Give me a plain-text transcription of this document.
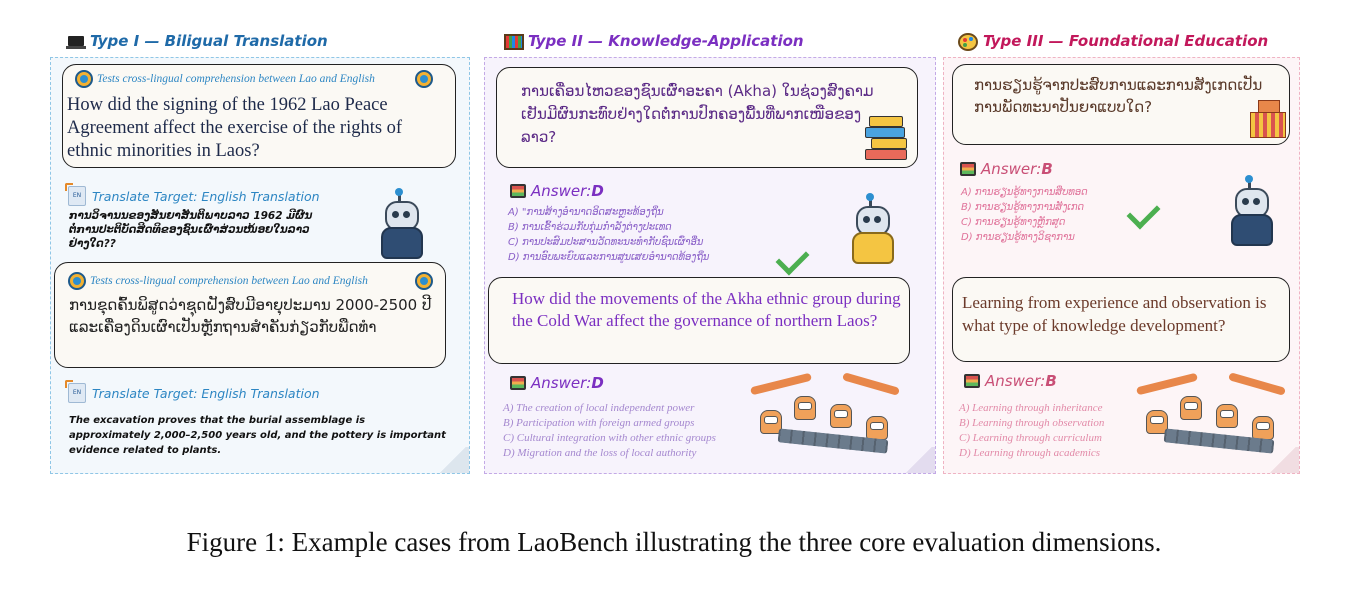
Type I — Biligual Translation
Tests cross-lingual comprehension between Lao and English
How did the signing of the 1962 Lao Peace Agreement affect the exercise of the rights of ethnic minorities in Laos?
EN Translate Target: English Translation
ການວິຈານນຂອງສັນຍາສັນຕິພາບລາວ 1962 ມີຜົນຕໍ່ການປະຕິບັດສິດທິຂອງຊົນເຜົ່າສ່ວນໜ້ອຍໃນລາວຢ່າງໃດ??
Tests cross-lingual comprehension between Lao and English
ການຂຸດຄົ້ນພິສູດວ່າຊຸດຝັງສົບມີອາຍຸປະມານ 2000-2500 ປີ ແລະເຄື່ອງດິນເຜົາເປັນຫຼັກຖານສຳຄັນກ່ຽວກັບພືດທຳ
EN Translate Target: English Translation
The excavation proves that the burial assemblage is approximately 2,000–2,500 years old, and the pottery is important evidence related to plants.
Type II — Knowledge-Application
ການເຄື່ອນໄຫວຂອງຊົນເຜົ່າອະຄາ (Akha) ໃນຊ່ວງສົງຄາມເຢັນມີຜົນກະທົບຢ່າງໃດຕໍ່ການປົກຄອງພື້ນທີ່ພາກເໜືອຂອງລາວ?
Answer:D
A) "ການສ້າງອຳນາດອິດສະຫຼະທ້ອງຖິ່ນ
B) ການເຂົ້າຮ່ວມກັບກຸ່ມກຳລັງຕ່າງປະເທດ
C) ການປະສົມປະສານວັດທະນະທຳກັບຊົນເຜົ່າອື່ນ
D) ການອົບພະຍົບແລະການສູນເສຍອຳນາດທ້ອງຖິ່ນ
How did the movements of the Akha ethnic group during the Cold War affect the governance of northern Laos?
Answer:D
A) The creation of local independent power
B) Participation with foreign armed groups
C) Cultural integration with other ethnic groups
D) Migration and the loss of local authority
Type III — Foundational Education
ການຮຽນຮູ້ຈາກປະສົບການແລະການສັງເກດເປັນການພັດທະນາປັນຍາແບບໃດ?
Answer:B
A) ການຮຽນຮູ້ທາງການສືບທອດ
B) ການຮຽນຮູ້ທາງການສັງເກດ
C) ການຮຽນຮູ້ທາງຫຼັກສູດ
D) ການຮຽນຮູ້ທາງວິຊາການ
Learning from experience and observation is what type of knowledge development?
Answer:B
A) Learning through inheritance
B) Learning through observation
C) Learning through curriculum
D) Learning through academics
Figure 1: Example cases from LaoBench illustrating the three core evaluation dimensions.
